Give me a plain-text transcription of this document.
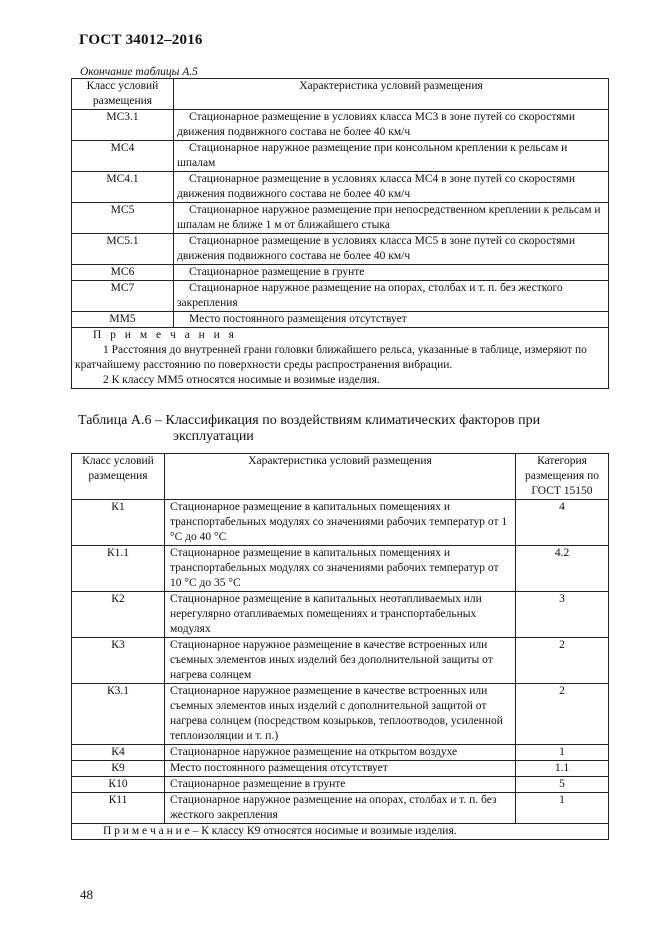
ГОСТ 34012–2016
Окончание таблицы А.5
Класс условий размещения	Характеристика условий размещения
МС3.1	Стационарное размещение в условиях класса МС3 в зоне путей со скоростями движения подвижного состава не более 40 км/ч
МС4	Стационарное наружное размещение при консольном креплении к рельсам и шпалам
МС4.1	Стационарное размещение в условиях класса МС4 в зоне путей со скоростями движения подвижного состава не более 40 км/ч
МС5	Стационарное наружное размещение при непосредственном креплении к рельсам и шпалам не ближе 1 м от ближайшего стыка
МС5.1	Стационарное размещение в условиях класса МС5 в зоне путей со скоростями движения подвижного состава не более 40 км/ч
МС6	Стационарное размещение в грунте
МС7	Стационарное наружное размещение на опорах, столбах и т. п. без жесткого закрепления
ММ5	Место постоянного размещения отсутствует

П р и м е ч а н и я
1 Расстояния до внутренней грани головки ближайшего рельса, указанные в таблице, измеряют по кратчайшему расстоянию по поверхности среды распространения вибрации.
2 К классу ММ5 относятся носимые и возимые изделия.	
Таблица А.6 – Классификация по воздействиям климатических факторов при
эксплуатации
Класс условий размещения	Характеристика условий размещения	Категория размещения по ГОСТ 15150
К1	Стационарное размещение в капитальных помещениях и транспортабельных модулях со значениями рабочих температур от 1 °С до 40 °С	4
К1.1	Стационарное размещение в капитальных помещениях и транспортабельных модулях со значениями рабочих температур от 10 °С до 35 °С	4.2
К2	Стационарное размещение в капитальных неотапливаемых или нерегулярно отапливаемых помещениях и транспортабельных модулях	3
К3	Стационарное наружное размещение в качестве встроенных или съемных элементов иных изделий без дополнительной защиты от нагрева солнцем	2
К3.1	Стационарное наружное размещение в качестве встроенных или съемных элементов иных изделий с дополнительной защитой от нагрева солнцем (посредством козырьков, теплоотводов, усиленной теплоизоляции и т. п.)	2
К4	Стационарное наружное размещение на открытом воздухе	1
К9	Место постоянного размещения отсутствует	1.1
К10	Стационарное размещение в грунте	5
К11	Стационарное наружное размещение на опорах, столбах и т. п. без жесткого закрепления	1
П р и м е ч а н и е – К классу К9 относятся носимые и возимые изделия.		
48
